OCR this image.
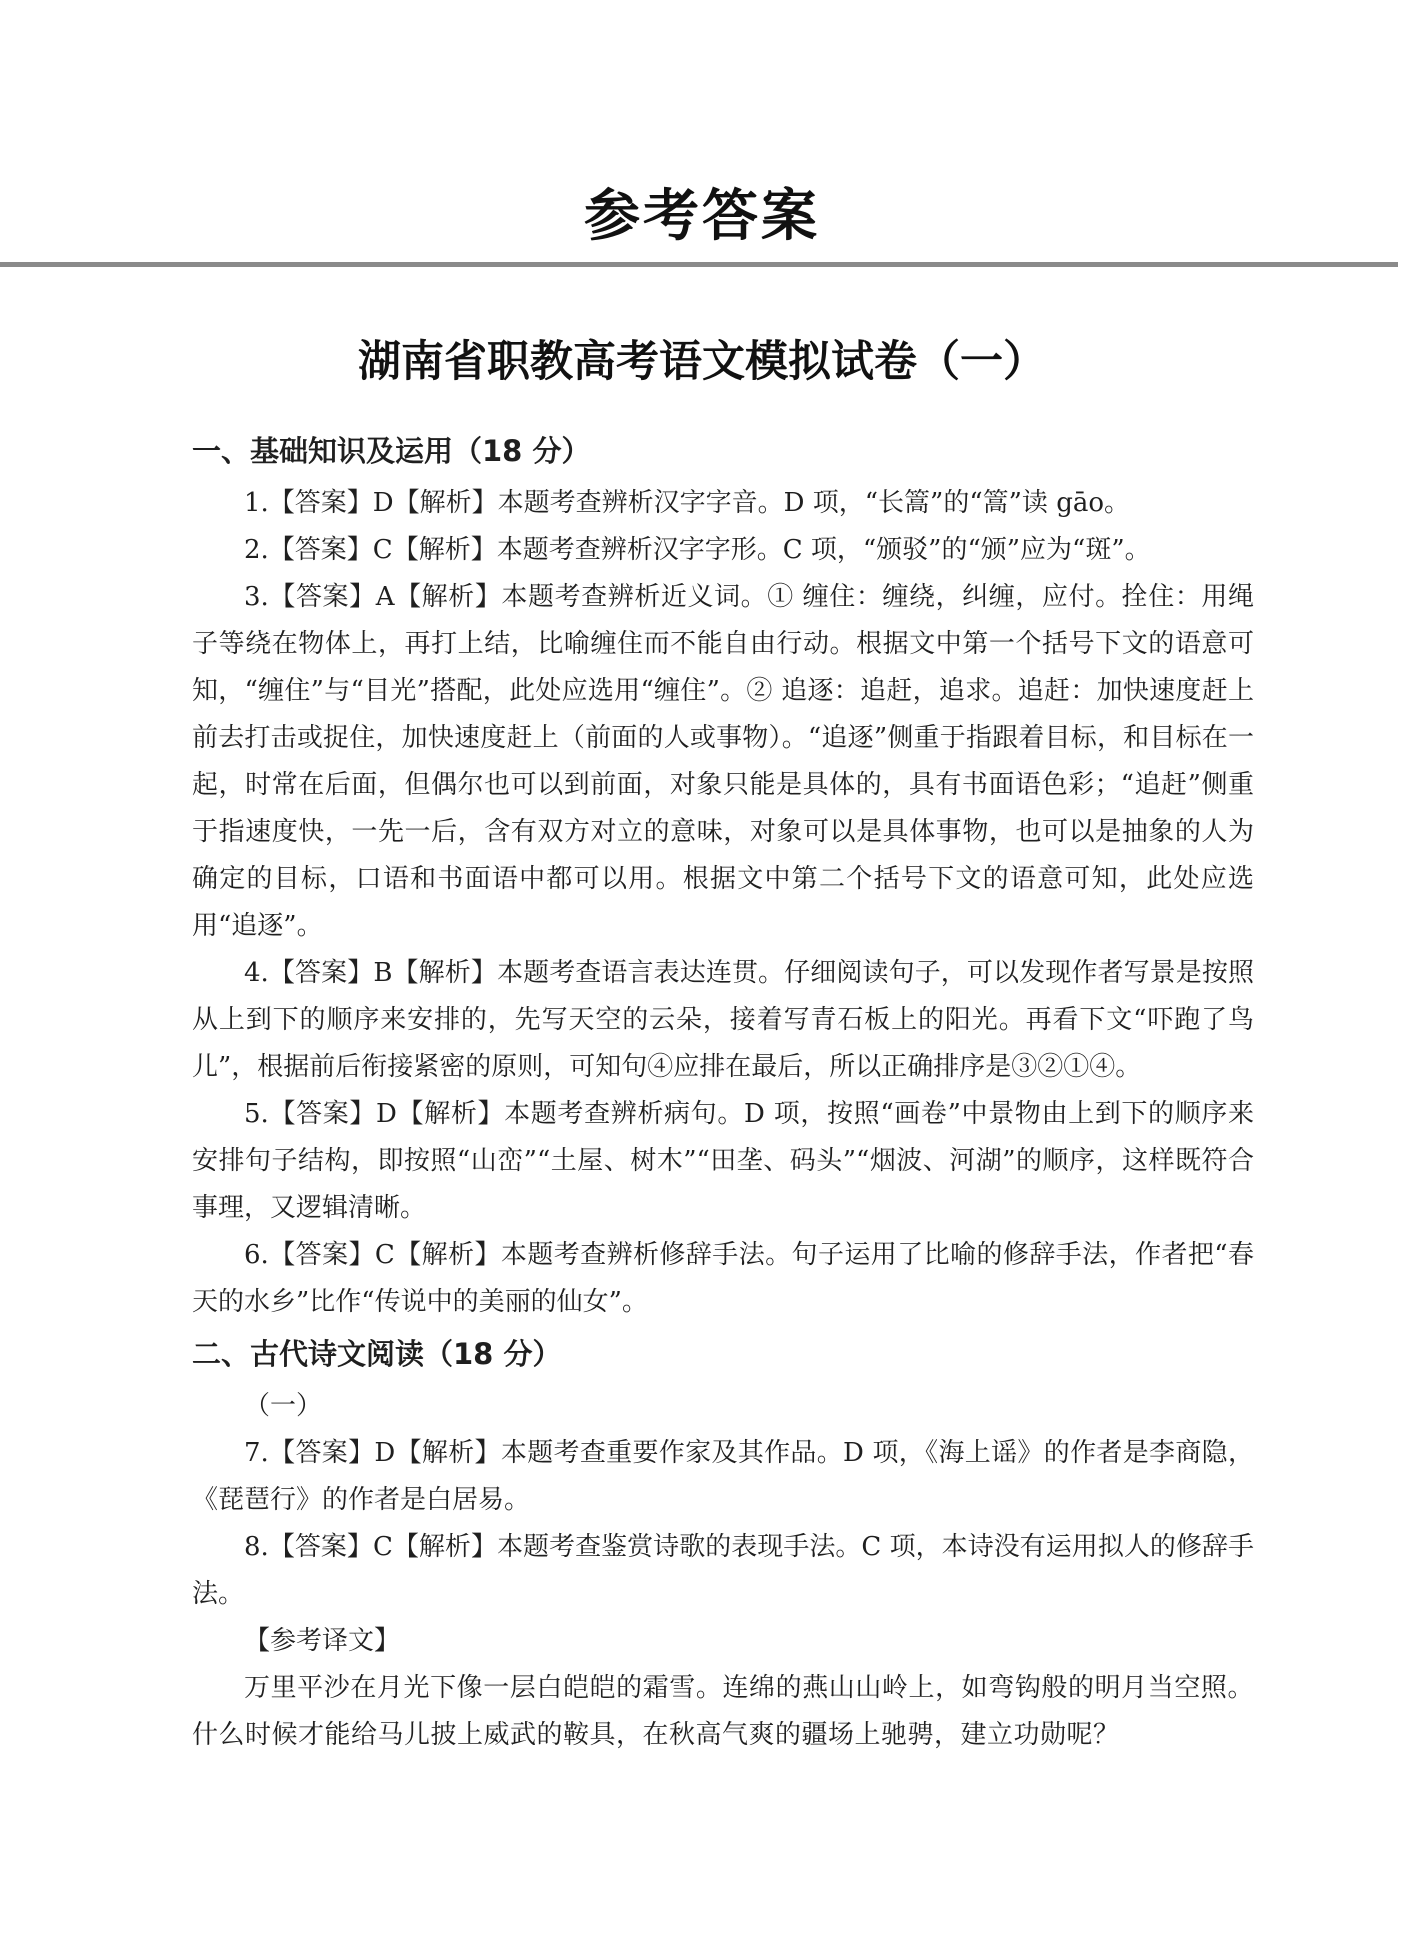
参考答案
湖南省职教高考语文模拟试卷（一）
一、基础知识及运用（18 分）

1.【答案】D【解析】本题考查辨析汉字字音。D 项，“长篙”的“篙”读 gāo。

2.【答案】C【解析】本题考查辨析汉字字形。C 项，“颁驳”的“颁”应为“斑”。

3.【答案】A【解析】本题考查辨析近义词。① 缠住：缠绕，纠缠，应付。拴住：用绳子等绕在物体上，再打上结，比喻缠住而不能自由行动。根据文中第一个括号下文的语意可知，“缠住”与“目光”搭配，此处应选用“缠住”。② 追逐：追赶，追求。追赶：加快速度赶上前去打击或捉住，加快速度赶上（前面的人或事物）。“追逐”侧重于指跟着目标，和目标在一起，时常在后面，但偶尔也可以到前面，对象只能是具体的，具有书面语色彩；“追赶”侧重于指速度快，一先一后，含有双方对立的意味，对象可以是具体事物，也可以是抽象的人为确定的目标，口语和书面语中都可以用。根据文中第二个括号下文的语意可知，此处应选用“追逐”。

4.【答案】B【解析】本题考查语言表达连贯。仔细阅读句子，可以发现作者写景是按照从上到下的顺序来安排的，先写天空的云朵，接着写青石板上的阳光。再看下文“吓跑了鸟儿”，根据前后衔接紧密的原则，可知句④应排在最后，所以正确排序是③②①④。

5.【答案】D【解析】本题考查辨析病句。D 项，按照“画卷”中景物由上到下的顺序来安排句子结构，即按照“山峦”“土屋、树木”“田垄、码头”“烟波、河湖”的顺序，这样既符合事理，又逻辑清晰。

6.【答案】C【解析】本题考查辨析修辞手法。句子运用了比喻的修辞手法，作者把“春天的水乡”比作“传说中的美丽的仙女”。

二、古代诗文阅读（18 分）

（一）

7.【答案】D【解析】本题考查重要作家及其作品。D 项，《海上谣》的作者是李商隐，《琵琶行》的作者是白居易。

8.【答案】C【解析】本题考查鉴赏诗歌的表现手法。C 项，本诗没有运用拟人的修辞手法。

【参考译文】

万里平沙在月光下像一层白皑皑的霜雪。连绵的燕山山岭上，如弯钩般的明月当空照。什么时候才能给马儿披上威武的鞍具，在秋高气爽的疆场上驰骋，建立功勋呢？
